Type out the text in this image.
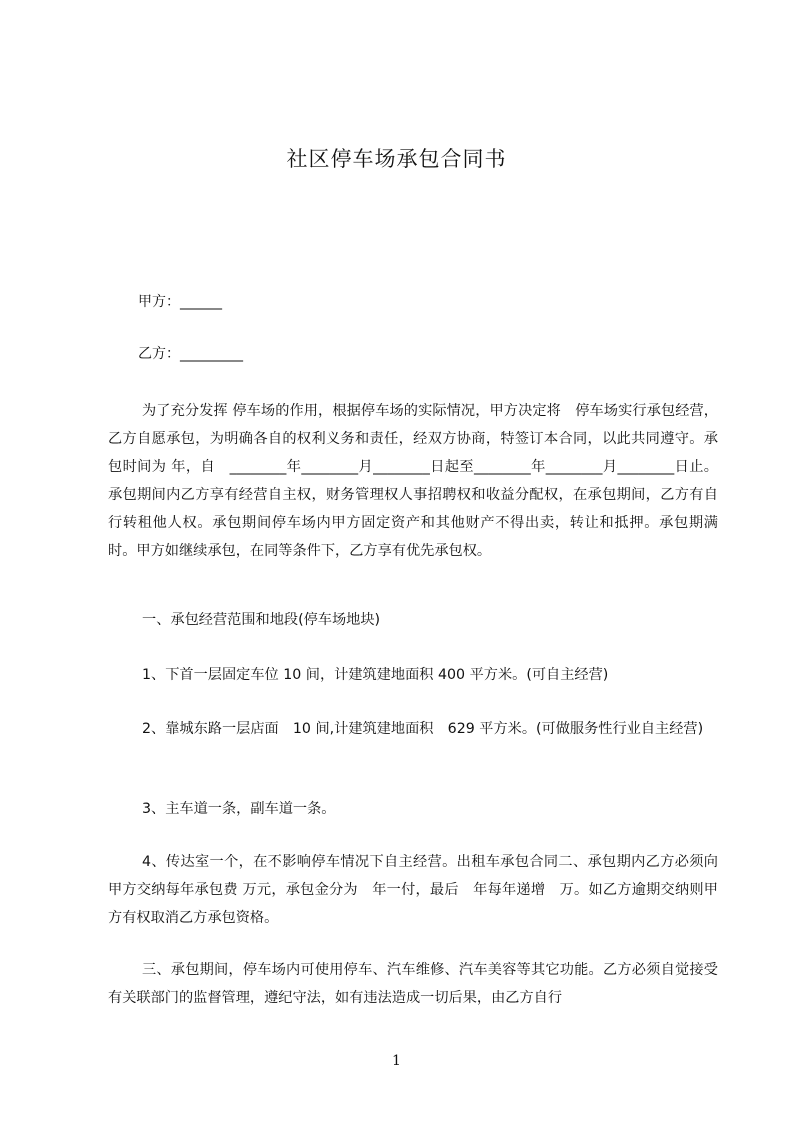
社区停车场承包合同书

甲方：______

乙方：_________

为了充分发挥 停车场的作用，根据停车场的实际情况，甲方决定将　停车场实行承包经营，乙方自愿承包，为明确各自的权利义务和责任，经双方协商，特签订本合同，以此共同遵守。承包时间为 年，自　________年________月________日起至________年________月________日止。承包期间内乙方享有经营自主权，财务管理权人事招聘权和收益分配权，在承包期间，乙方有自行转租他人权。承包期间停车场内甲方固定资产和其他财产不得出卖，转让和抵押。承包期满时。甲方如继续承包，在同等条件下，乙方享有优先承包权。

一、承包经营范围和地段(停车场地块)

1、下首一层固定车位 10 间，计建筑建地面积 400 平方米。(可自主经营)

2、靠城东路一层店面　10 间,计建筑建地面积　629 平方米。(可做服务性行业自主经营)

3、主车道一条，副车道一条。

4、传达室一个，在不影响停车情况下自主经营。出租车承包合同二、承包期内乙方必须向甲方交纳每年承包费 万元，承包金分为　年一付，最后　年每年递增　万。如乙方逾期交纳则甲方有权取消乙方承包资格。

三、承包期间，停车场内可使用停车、汽车维修、汽车美容等其它功能。乙方必须自觉接受有关联部门的监督管理，遵纪守法，如有违法造成一切后果，由乙方自行

1
